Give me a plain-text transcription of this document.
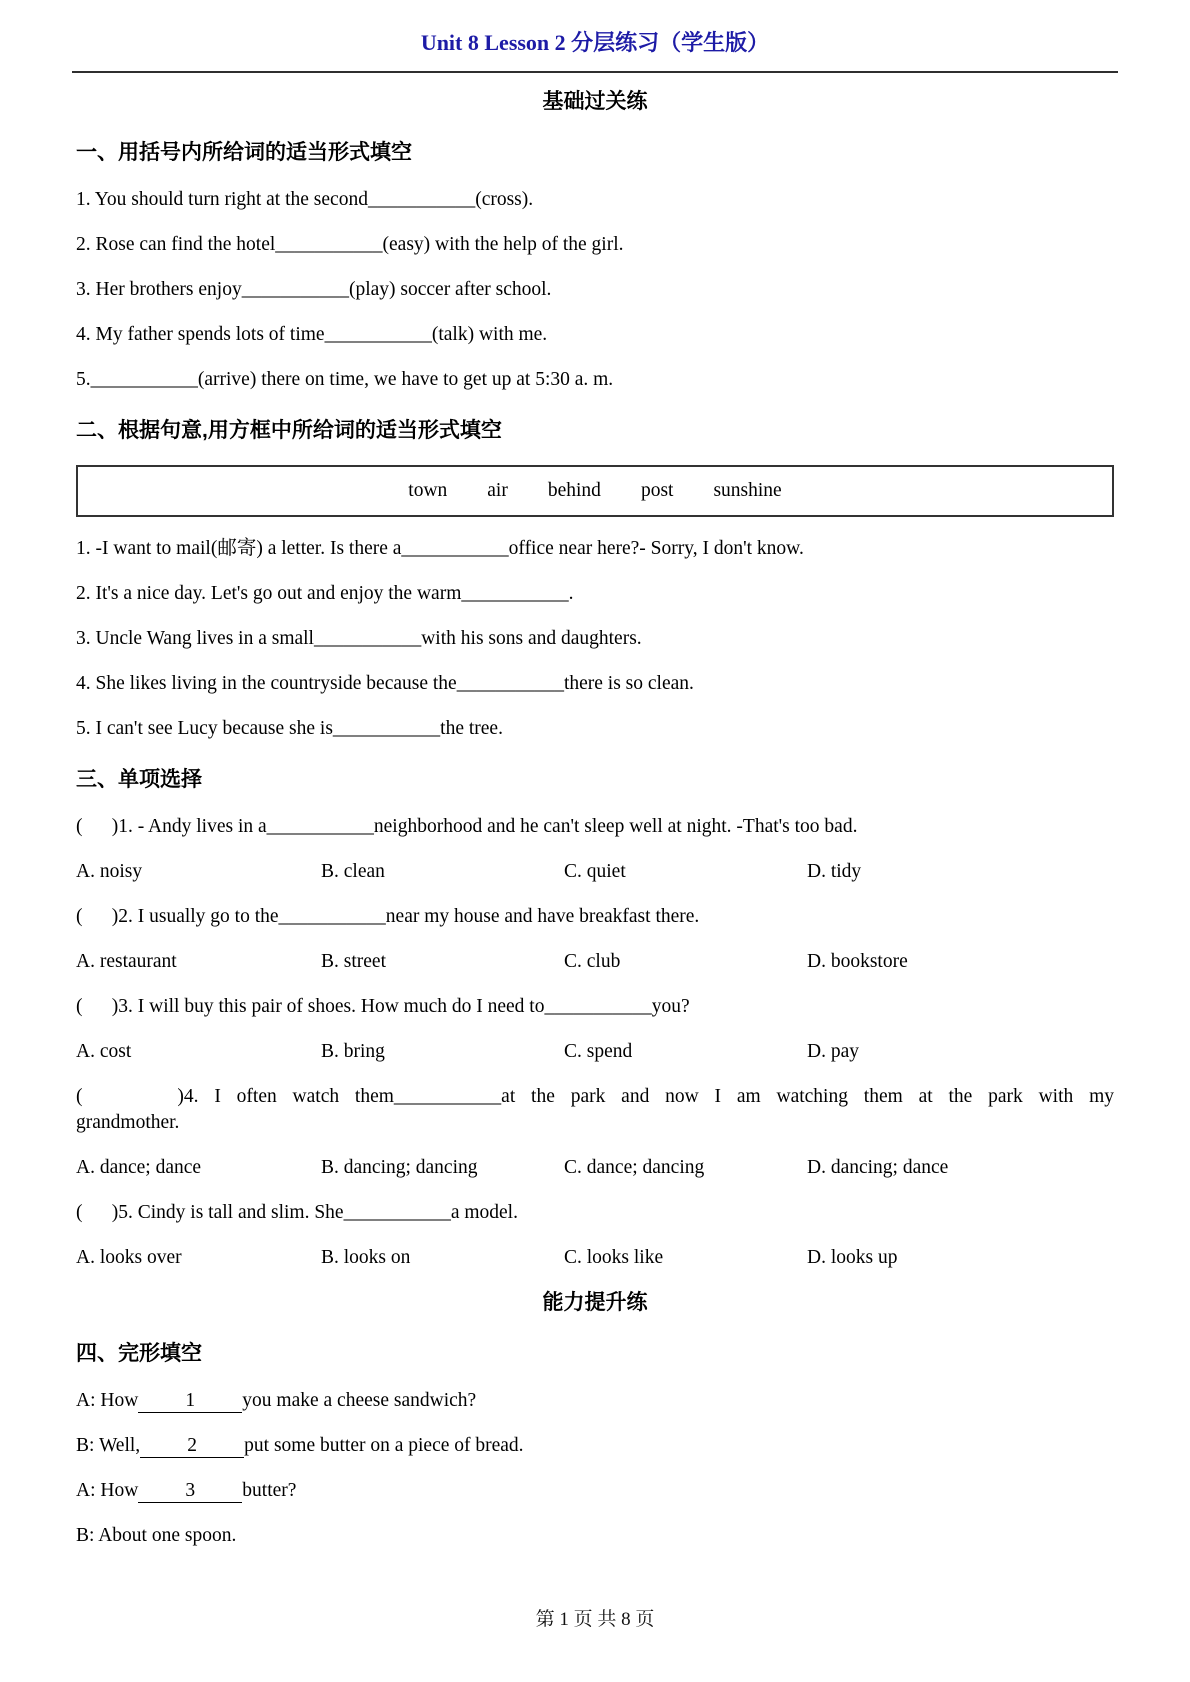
Unit 8 Lesson 2 分层练习（学生版）
基础过关练
一、用括号内所给词的适当形式填空
1. You should turn right at the second___________(cross).
2. Rose can find the hotel___________(easy) with the help of the girl.
3. Her brothers enjoy___________(play) soccer after school.
4. My father spends lots of time___________(talk) with me.
5.___________(arrive) there on time, we have to get up at 5:30 a. m.
二、根据句意,用方框中所给词的适当形式填空
town air behind post sunshine
1. -I want to mail(邮寄) a letter. Is there a___________office near here?- Sorry, I don't know.
2. It's a nice day. Let's go out and enjoy the warm___________.
3. Uncle Wang lives in a small___________with his sons and daughters.
4. She likes living in the countryside because the___________there is so clean.
5. I can't see Lucy because she is___________the tree.
三、单项选择
(      )1. - Andy lives in a___________neighborhood and he can't sleep well at night. -That's too bad.
A. noisy	B. clean	C. quiet	D. tidy
(      )2. I usually go to the___________near my house and have breakfast there.
A. restaurant	B. street	C. club	D. bookstore
(      )3. I will buy this pair of shoes. How much do I need to___________you?
A. cost	B. bring	C. spend	D. pay
(      )4. I often watch them___________at the park and now I am watching them at the park with my grandmother.
A. dance; dance	B. dancing; dancing	C. dance; dancing	D. dancing; dance
(      )5. Cindy is tall and slim. She___________a model.
A. looks over	B. looks on	C. looks like	D. looks up
能力提升练
四、完形填空
A: How 1 you make a cheese sandwich?
B: Well, 2 put some butter on a piece of bread.
A: How 3 butter?
B: About one spoon.
第 1 页 共 8 页
